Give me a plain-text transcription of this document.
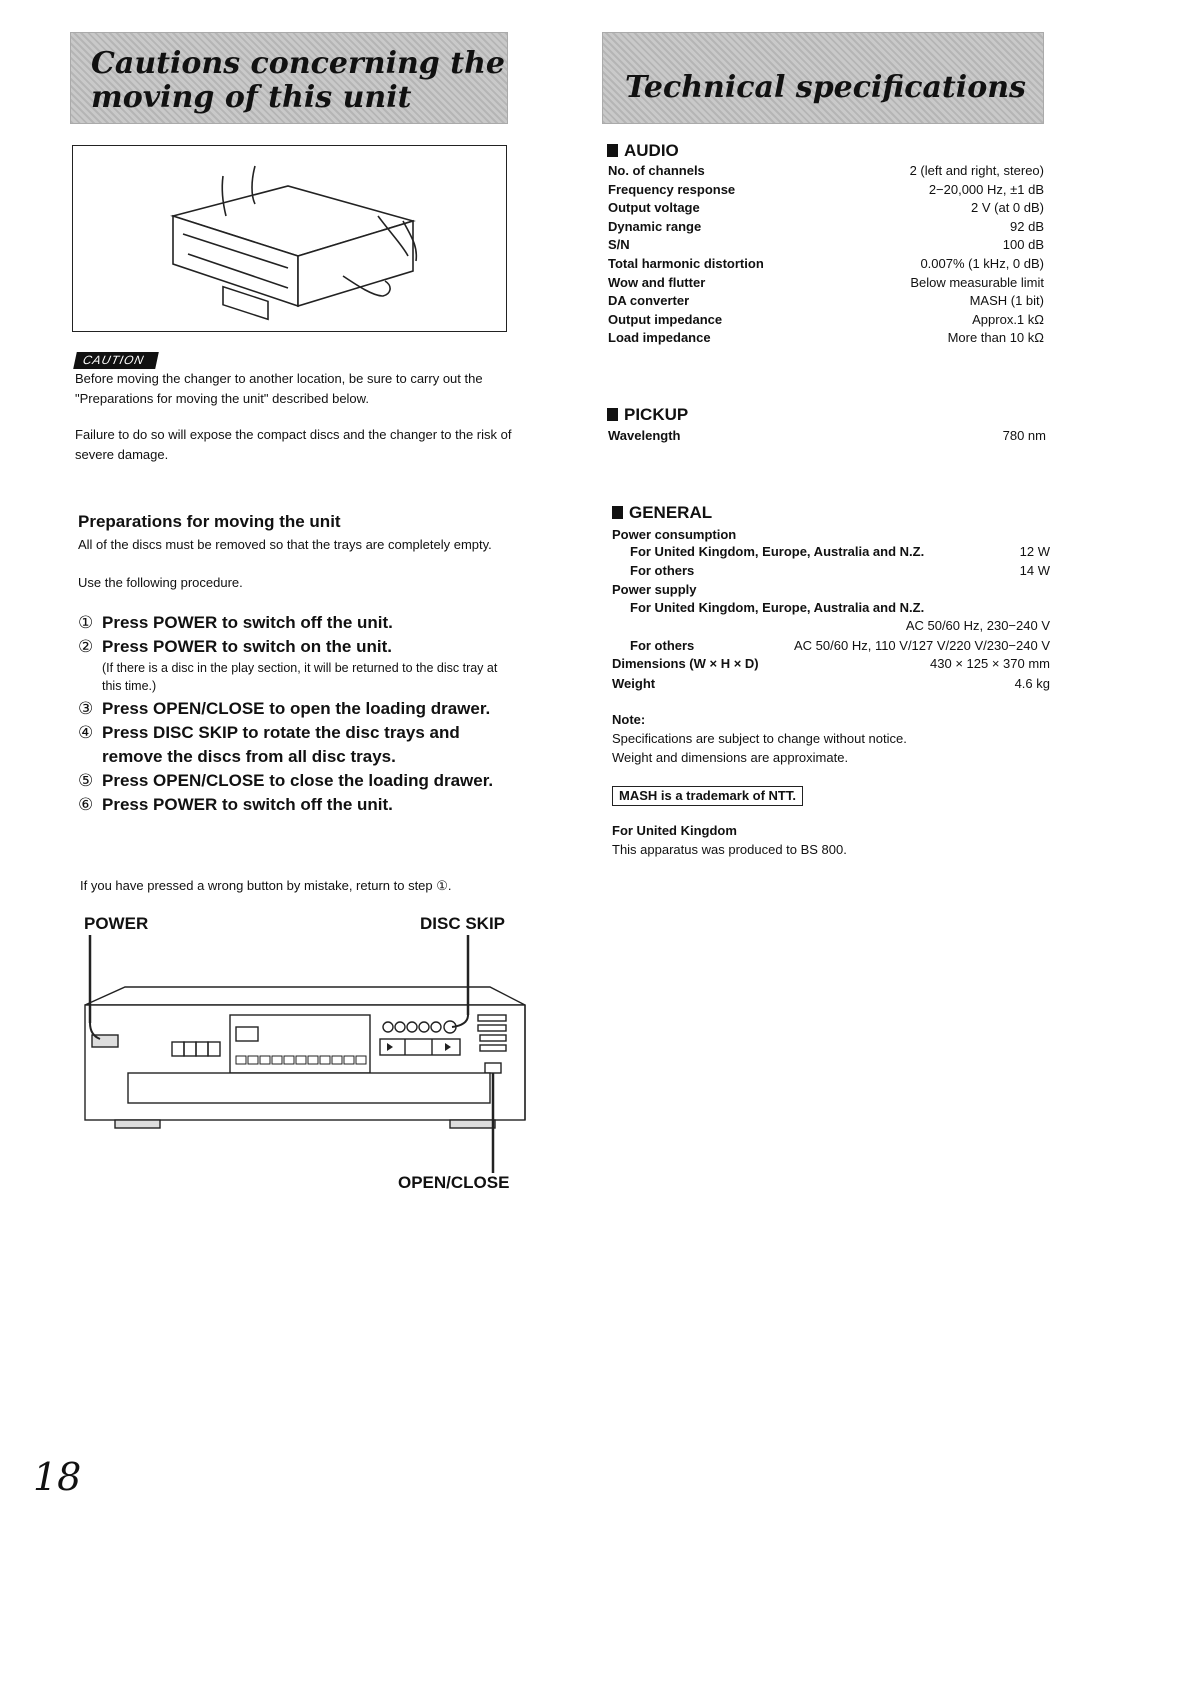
Cautions concerning the
moving of this unit	Technical specifications
CAUTION
Before moving the changer to another location, be sure to carry out the "Preparations for moving the unit" described below.
Failure to do so will expose the compact discs and the changer to the risk of severe damage.
Preparations for moving the unit
All of the discs must be removed so that the trays are completely empty.
Use the following procedure.
① Press POWER to switch off the unit.
② Press POWER to switch on the unit.
(If there is a disc in the play section, it will be returned to the disc tray at this time.)
③ Press OPEN/CLOSE to open the loading drawer.
④ Press DISC SKIP to rotate the disc trays and remove the discs from all disc trays.
⑤ Press OPEN/CLOSE to close the loading drawer.
⑥ Press POWER to switch off the unit.
If you have pressed a wrong button by mistake, return to step ①.
POWER	DISC SKIP
OPEN/CLOSE
AUDIO
No. of channels	2 (left and right, stereo)
Frequency response	2−20,000 Hz, ±1 dB
Output voltage	2 V (at 0 dB)
Dynamic range	92 dB
S/N	100 dB
Total harmonic distortion	0.007% (1 kHz, 0 dB)
Wow and flutter	Below measurable limit
DA converter	MASH (1 bit)
Output impedance	Approx.1 kΩ
Load impedance	More than 10 kΩ
PICKUP
Wavelength	780 nm
GENERAL
Power consumption
For United Kingdom, Europe, Australia and N.Z.	12 W
For others	14 W
Power supply
For United Kingdom, Europe, Australia and N.Z.
AC 50/60 Hz, 230−240 V
For others	AC 50/60 Hz, 110 V/127 V/220 V/230−240 V
Dimensions (W × H × D)	430 × 125 × 370 mm
Weight	4.6 kg
Note:
Specifications are subject to change without notice.
Weight and dimensions are approximate.
MASH is a trademark of NTT.
For United Kingdom
This apparatus was produced to BS 800.
18
